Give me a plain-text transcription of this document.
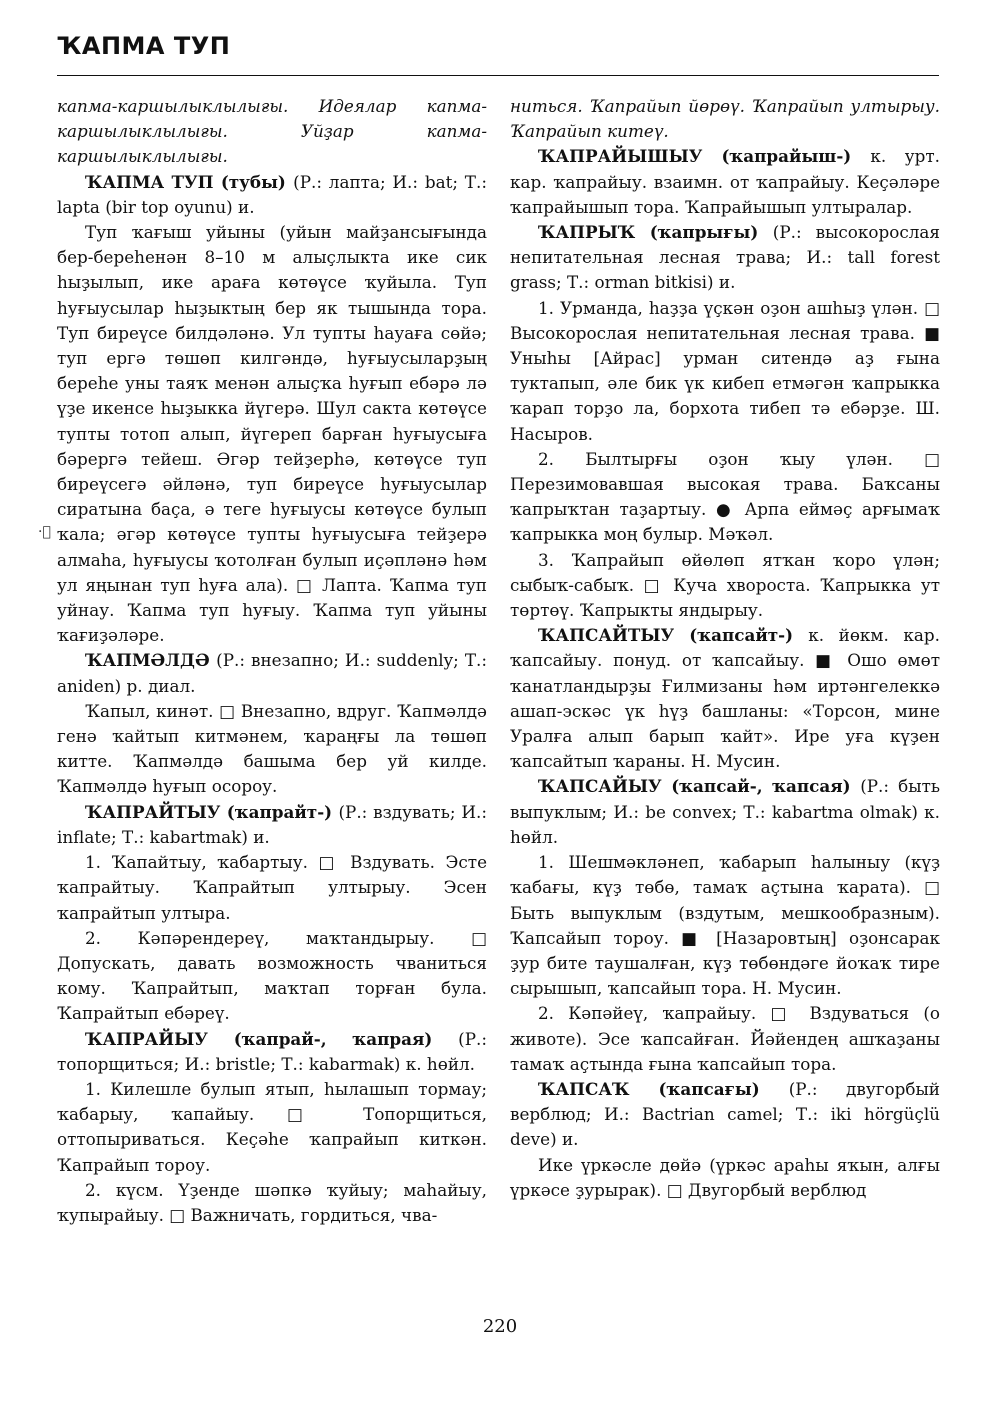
ҠАПМА ТУП

капма-каршылыклылығы. Идеялар капма-каршылыклылығы. Уйҙар капма-каршылыклылығы.

ҠАПМА ТУП (тубы) (Р.: лапта; И.: bat; Т.: lapta (bir top oyunu) и.

Туп ҡағыш уйыны (уйын майҙансығында бер-береһенән 8–10 м алыҫлыкта ике сик һыҙылып, ике араға көтөүсе ҡуйыла. Туп һуғыусылар һыҙыктың бер як тышында тора. Туп биреүсе билдәләнә. Ул тупты һауаға сөйә; туп ергә төшөп килгәндә, һуғыусыларҙың береһе уны таяҡ менән алыҫҡа һуғып ебәрә лә үҙе икенсе һыҙыкка йүгерә. Шул сакта көтөүсе тупты тотоп алып, йүгереп барған һуғыусыға бәрергә тейеш. Әгәр тейҙерһә, көтөүсе туп биреүсегә әйләнә, туп биреүсе һуғыусылар сиратына баҫа, ә теге һуғыусы көтөүсе булып ҡала; әгәр көтөүсе тупты һуғыусыға тейҙерә алмаһа, һуғыусы ҡотолған булып иҫәпләнә һәм ул яңынан туп һуға ала). □ Лапта. Ҡапма туп уйнау. Ҡапма туп һуғыу. Ҡапма туп уйыны ҡағиҙәләре.

ҠАПМӘЛДӘ (Р.: внезапно; И.: suddenly; Т.: aniden) р. диал.

Ҡапыл, кинәт. □ Внезапно, вдруг. Ҡапмәлдә генә ҡайтып китмәнем, ҡараңғы ла төшөп китте. Ҡапмәлдә башыма бер уй килде. Ҡапмәлдә һуғып осороу.

ҠАПРАЙТЫУ (ҡапрайт-) (Р.: вздувать; И.: inflate; Т.: kabartmak) и.

1. Ҡапайтыу, ҡабартыу. □ Вздувать. Эсте ҡапрайтыу. Ҡапрайтып ултырыу. Эсен ҡапрайтып ултыра.

2. Кәпәрендереү, маҡтандырыу. □ Допускать, давать возможность чваниться кому. Ҡапрайтып, маҡтап торған була. Ҡапрайтып ебәреү.

ҠАПРАЙЫУ (ҡапрай-, ҡапрая) (Р.: топорщиться; И.: bristle; Т.: kabarmak) к. һөйл.

1. Килешле булып ятып, һылашып тормау; ҡабарыу, ҡапайыу. □ Топорщиться, оттопыриваться. Кеҫәһе ҡапрайып киткән. Ҡапрайып тороу.

2. күсм. Үҙенде шәпкә ҡуйыу; маһайыу, ҡупырайыу. □ Важничать, гордиться, чва-

ниться. Ҡапрайып йөрөү. Ҡапрайып ултырыу. Ҡапрайып китеү.

ҠАПРАЙЫШЫУ (ҡапрайыш-) к. урт. кар. ҡапрайыу. взаимн. от ҡапрайыу. Кеҫәләре ҡапрайышып тора. Ҡапрайышып ултыралар.

ҠАПРЫҠ (ҡапрығы) (Р.: высокорослая непитательная лесная трава; И.: tall forest grass; Т.: orman bitkisi) и.

1. Урманда, һаҙҙа үҫкән оҙон ашһыҙ үлән. □ Высокорослая непитательная лесная трава. ■ Уныһы [Айрас] урман ситендә аҙ ғына туктапып, әле бик үк кибеп етмәгән ҡапрыкка ҡарап торҙо ла, борхота тибеп тә ебәрҙе. Ш. Насыров.

2. Былтырғы оҙон ҡыу үлән. □ Перезимовавшая высокая трава. Баҡсаны ҡапрыҡтан таҙартыу. ● Арпа еймәҫ арғымаҡ ҡапрыкка моң булыр. Мәҡәл.

3. Ҡапрайып өйөлөп ятҡан ҡоро үлән; сыбыҡ-сабыҡ. □ Куча хвороста. Ҡапрыкка ут төртөү. Ҡапрыкты яндырыу.

ҠАПСАЙТЫУ (ҡапсайт-) к. йөкм. кар. ҡапсайыу. понуд. от ҡапсайыу. ■ Ошо өмөт ҡанатландырҙы Ғилмизаны һәм иртәнгелеккә ашап-эскәс үк һүҙ башланы: «Торсон, мине Уралға алып барып ҡайт». Ире уға күҙен ҡапсайтып ҡараны. Н. Мусин.

ҠАПСАЙЫУ (ҡапсай-, ҡапсая) (Р.: быть выпуклым; И.: be convex; Т.: kabartma olmak) к. һөйл.

1. Шешмәкләнеп, ҡабарып һалыныу (күҙ ҡабағы, күҙ төбө, тамаҡ аҫтына ҡарата). □ Быть выпуклым (вздутым, мешкообразным). Ҡапсайып тороу. ■ [Назаровтың] оҙонсарак ҙур бите таушалған, күҙ төбөндәге йоҡаҡ тире сырышып, ҡапсайып тора. Н. Мусин.

2. Кәпәйеү, ҡапрайыу. □ Вздуваться (о животе). Эсе ҡапсайған. Йәйендең ашҡаҙаны тамаҡ аҫтында ғына ҡапсайып тора.

ҠАПСАҠ (ҡапсағы) (Р.: двугорбый верблюд; И.: Bactrian camel; Т.: iki hörgüçlü deve) и.

Ике үркәсле дөйә (үркәс араһы яҡын, алғы үркәсе ҙурырак). □ Двугорбый верблюд

·ﾟ
220
